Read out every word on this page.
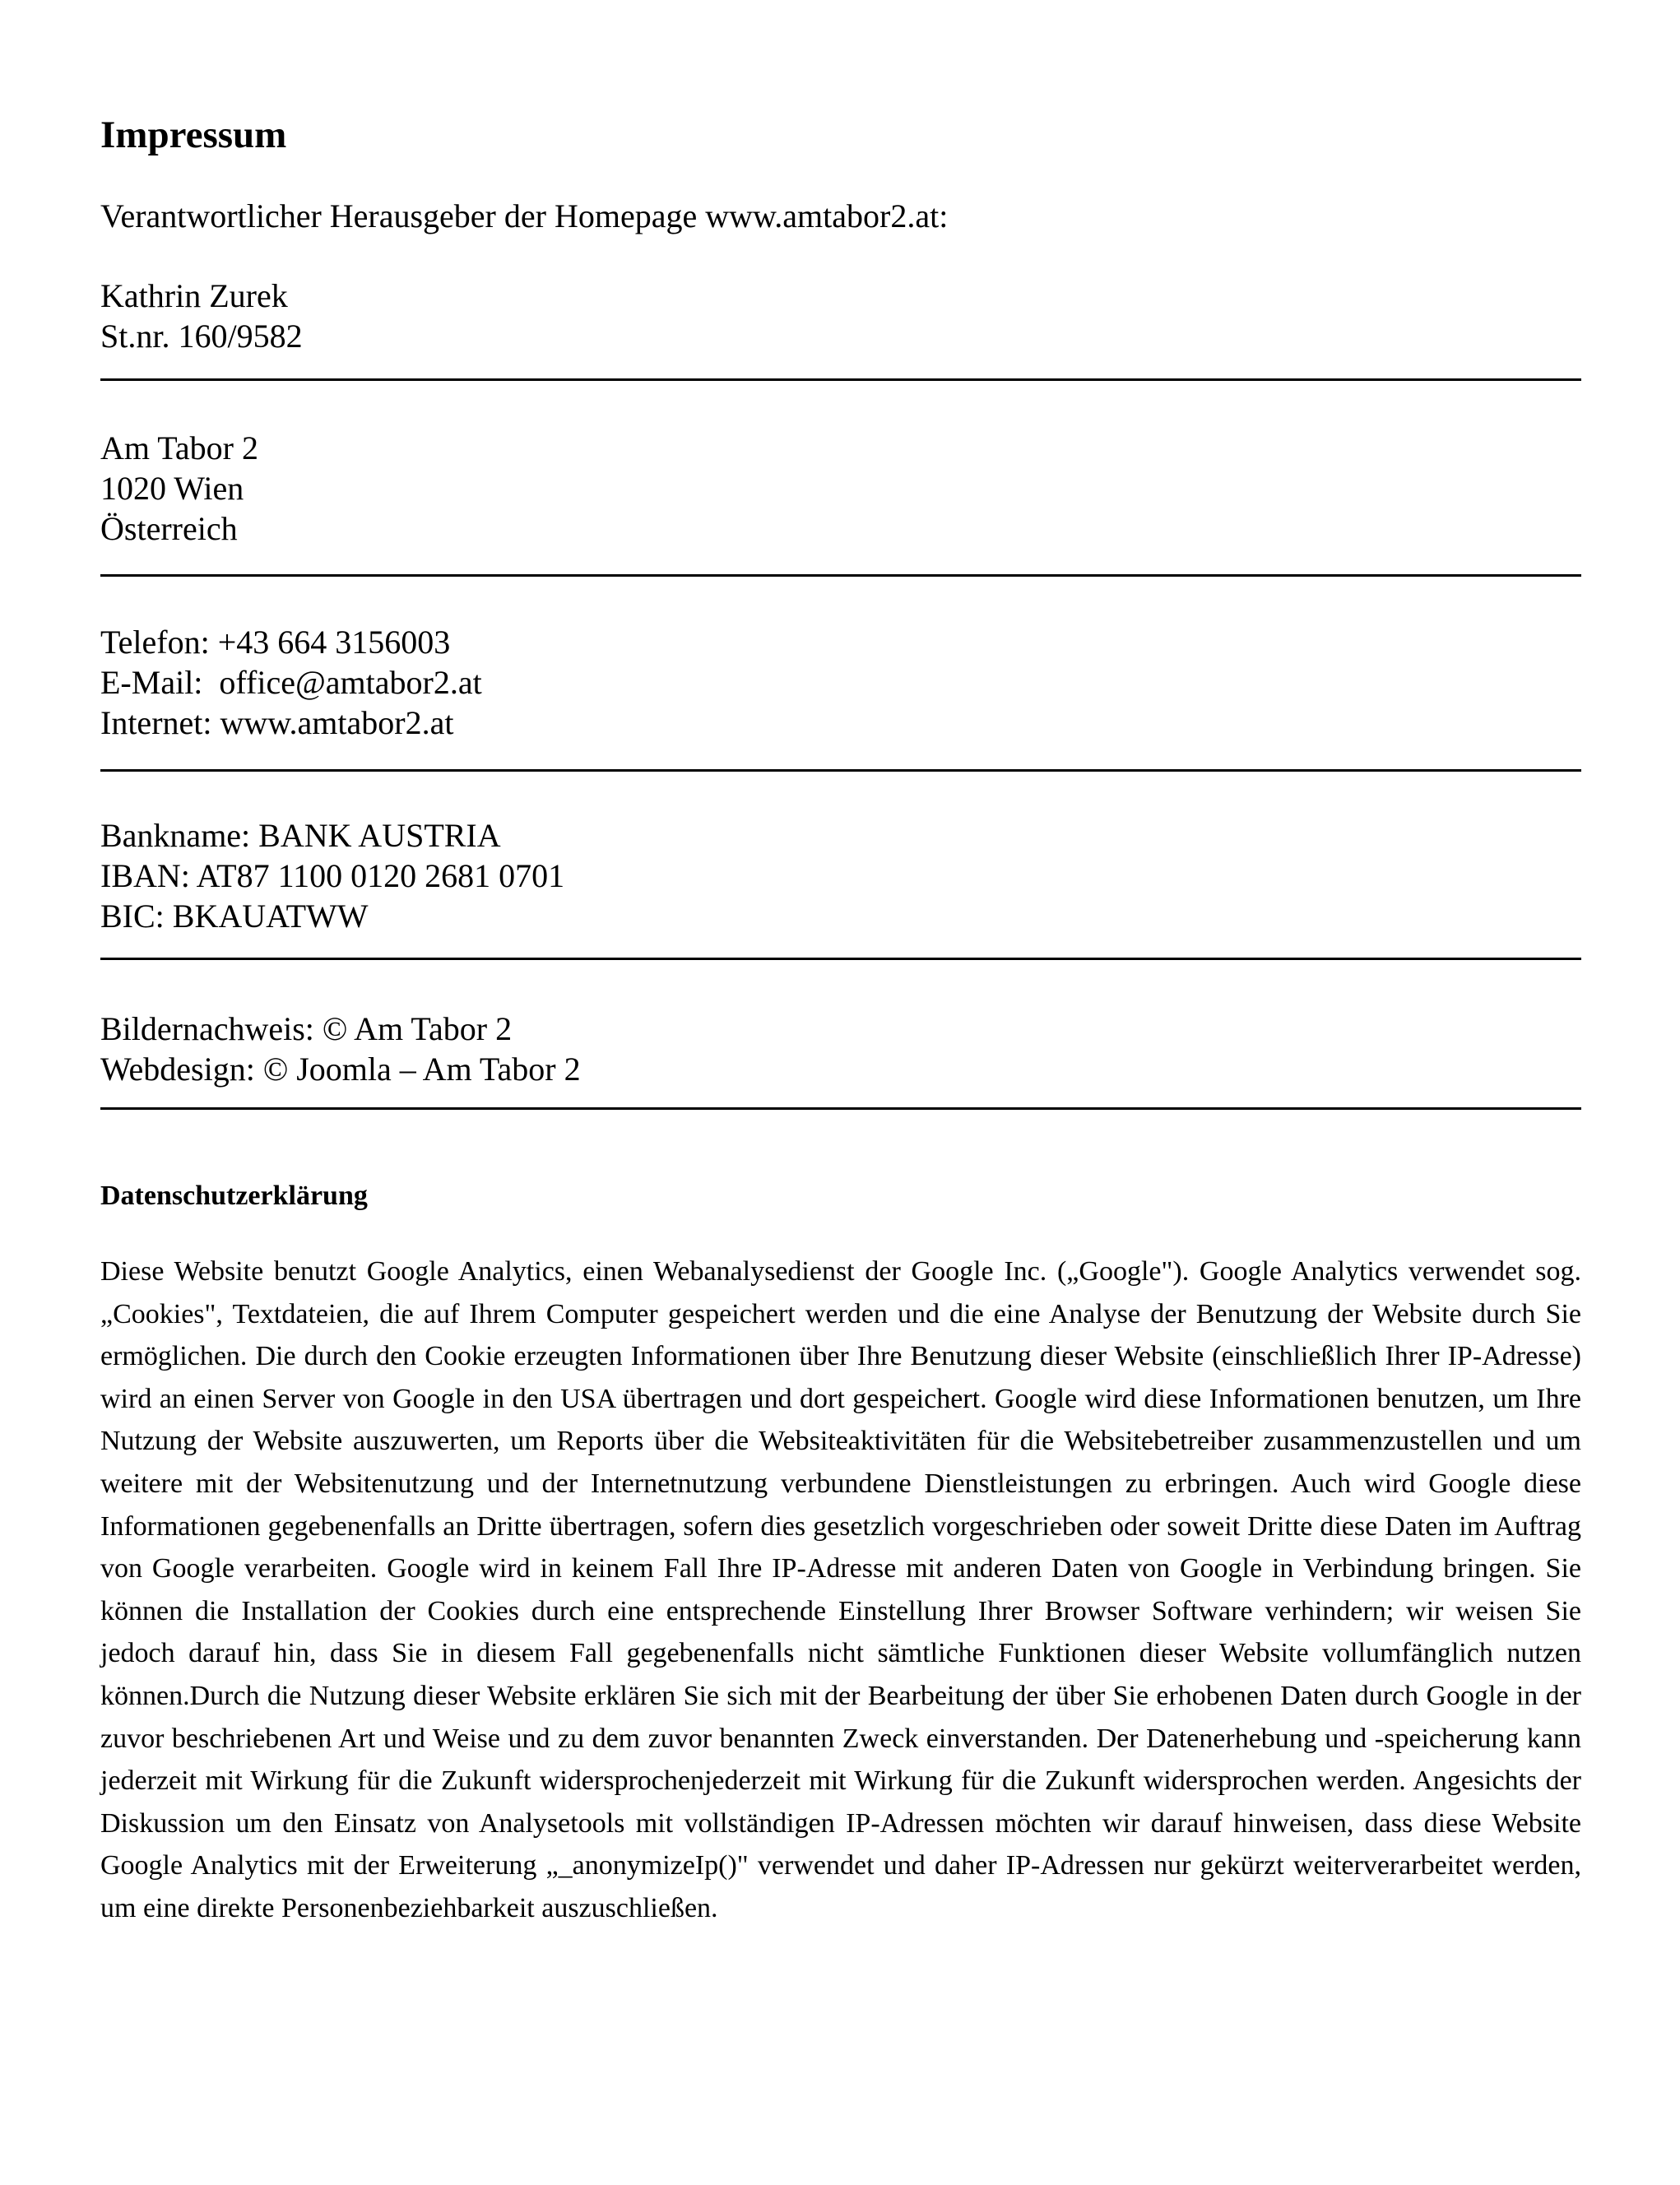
Impressum
Verantwortlicher Herausgeber der Homepage www.amtabor2.at:
Kathrin Zurek
St.nr. 160/9582
Am Tabor 2
1020 Wien
Österreich
Telefon: +43 664 3156003
E-Mail:  office@amtabor2.at
Internet: www.amtabor2.at
Bankname: BANK AUSTRIA
IBAN: AT87 1100 0120 2681 0701
BIC: BKAUATWW
Bildernachweis: © Am Tabor 2
Webdesign: © Joomla – Am Tabor 2
Datenschutzerklärung
Diese Website benutzt Google Analytics, einen Webanalysedienst der Google Inc. („Google"). Google Analytics verwendet sog. „Cookies", Textdateien, die auf Ihrem Computer gespeichert werden und die eine Analyse der Benutzung der Website durch Sie ermöglichen. Die durch den Cookie erzeugten Informationen über Ihre Benutzung dieser Website (einschließlich Ihrer IP-Adresse) wird an einen Server von Google in den USA übertragen und dort gespeichert. Google wird diese Informationen benutzen, um Ihre Nutzung der Website auszuwerten, um Reports über die Websiteaktivitäten für die Websitebetreiber zusammenzustellen und um weitere mit der Websitenutzung und der Internetnutzung verbundene Dienstleistungen zu erbringen. Auch wird Google diese Informationen gegebenenfalls an Dritte übertragen, sofern dies gesetzlich vorgeschrieben oder soweit Dritte diese Daten im Auftrag von Google verarbeiten. Google wird in keinem Fall Ihre IP-Adresse mit anderen Daten von Google in Verbindung bringen. Sie können die Installation der Cookies durch eine entsprechende Einstellung Ihrer Browser Software verhindern; wir weisen Sie jedoch darauf hin, dass Sie in diesem Fall gegebenenfalls nicht sämtliche Funktionen dieser Website vollumfänglich nutzen können.Durch die Nutzung dieser Website erklären Sie sich mit der Bearbeitung der über Sie erhobenen Daten durch Google in der zuvor beschriebenen Art und Weise und zu dem zuvor benannten Zweck einverstanden. Der Datenerhebung und -speicherung kann jederzeit mit Wirkung für die Zukunft widersprochenjederzeit mit Wirkung für die Zukunft widersprochen werden. Angesichts der Diskussion um den Einsatz von Analysetools mit vollständigen IP-Adressen möchten wir darauf hinweisen, dass diese Website Google Analytics mit der Erweiterung „_anonymizeIp()" verwendet und daher IP-Adressen nur gekürzt weiterverarbeitet werden, um eine direkte Personenbeziehbarkeit auszuschließen.
